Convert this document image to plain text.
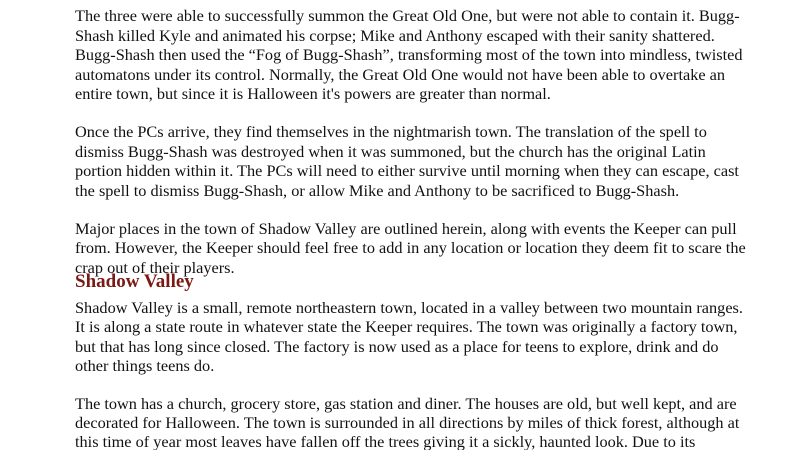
The three were able to successfully summon the Great Old One, but were not able to contain it. Bugg-
Shash killed Kyle and animated his corpse; Mike and Anthony escaped with their sanity shattered.
Bugg-Shash then used the “Fog of Bugg-Shash”, transforming most of the town into mindless, twisted
automatons under its control. Normally, the Great Old One would not have been able to overtake an
entire town, but since it is Halloween it's powers are greater than normal.
Once the PCs arrive, they find themselves in the nightmarish town. The translation of the spell to
dismiss Bugg-Shash was destroyed when it was summoned, but the church has the original Latin
portion hidden within it. The PCs will need to either survive until morning when they can escape, cast
the spell to dismiss Bugg-Shash, or allow Mike and Anthony to be sacrificed to Bugg-Shash.
Major places in the town of Shadow Valley are outlined herein, along with events the Keeper can pull
from. However, the Keeper should feel free to add in any location or location they deem fit to scare the
crap out of their players.
Shadow Valley
Shadow Valley is a small, remote northeastern town, located in a valley between two mountain ranges.
It is along a state route in whatever state the Keeper requires. The town was originally a factory town,
but that has long since closed. The factory is now used as a place for teens to explore, drink and do
other things teens do.
The town has a church, grocery store, gas station and diner. The houses are old, but well kept, and are
decorated for Halloween. The town is surrounded in all directions by miles of thick forest, although at
this time of year most leaves have fallen off the trees giving it a sickly, haunted look. Due to its
